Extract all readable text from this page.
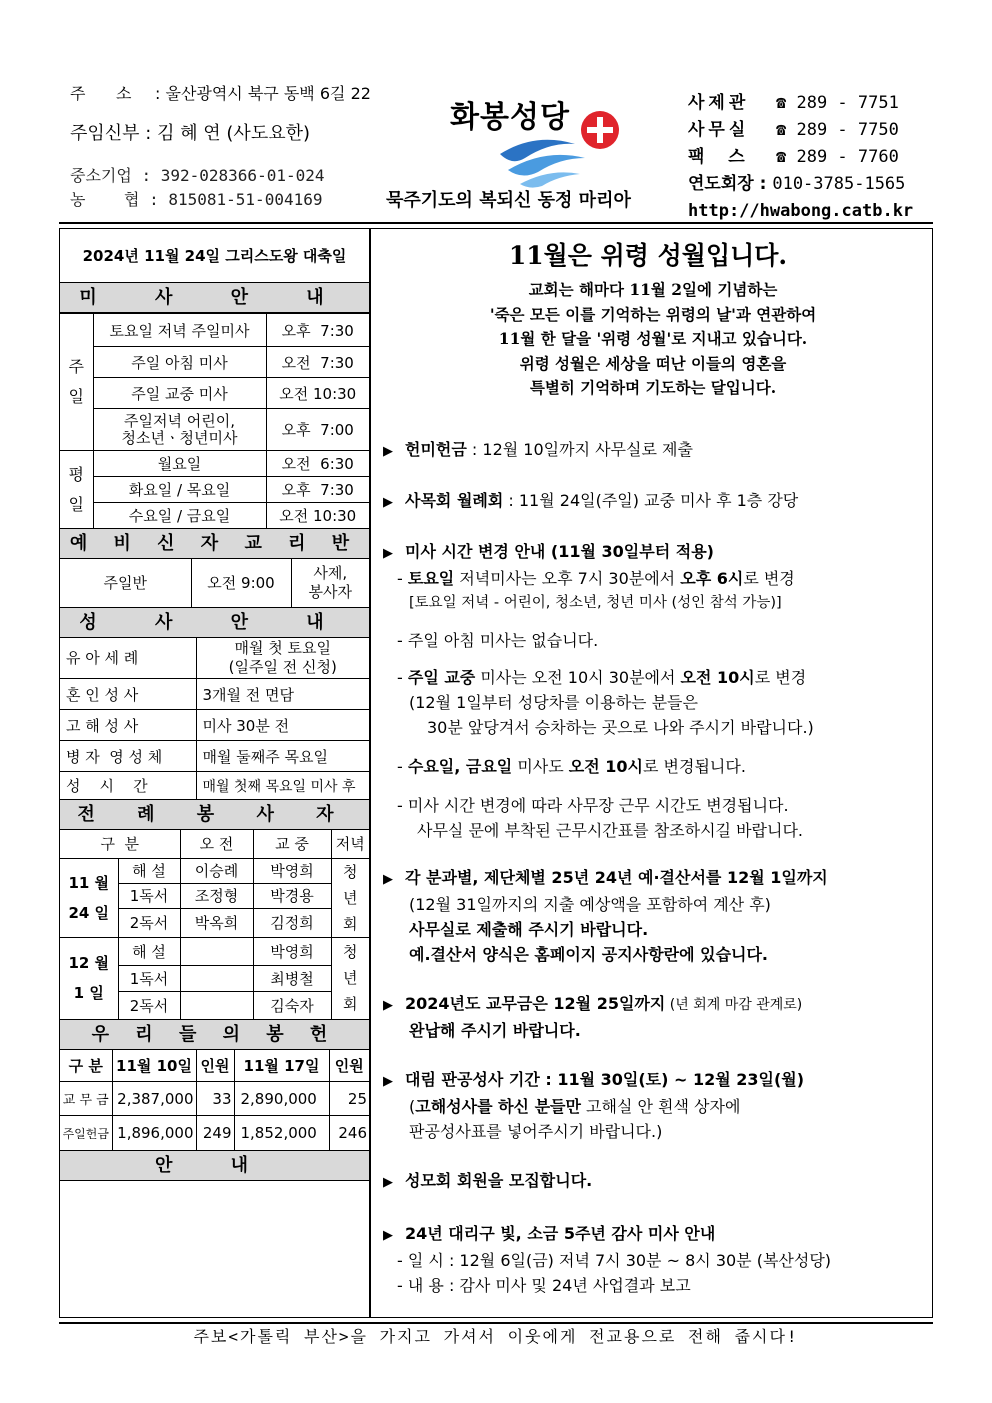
주      소 : 울산광역시 북구 동백 6길 22
주임신부 : 김 혜 연 (사도요한)
중소기업 : 392-028366-01-024
농    협 : 815081-51-004169
화봉성당
묵주기도의 복되신 동정 마리아
사제관 ☎ 289 - 7751
사무실 ☎ 289 - 7750
팩  스 ☎ 289 - 7760
연도회장 : 010-3785-1565
http://hwabong.catb.kr
2024년 11월 24일 그리스도왕 대축일
미 사 안 내
주
일	토요일 저녁 주일미사	오후  7:30
	주일 아침 미사	오전  7:30
	주일 교중 미사	오전 10:30
	주일저녁 어린이,
청소년ㆍ청년미사	오후  7:00
평
일	월요일	오전  6:30
	화요일 / 목요일	오후  7:30
	수요일 / 금요일	오전 10:30
예 비 신 자 교 리 반
주일반	오전 9:00	사제,
봉사자
성 사 안 내
유 아 세 례	매월 첫 토요일
(일주일 전 신청)
혼 인 성 사	3개월 전 면담
고 해 성 사	미사 30분 전
병 자  영 성 체	매월 둘째주 목요일
성    시    간	매월 첫째 목요일 미사 후
전 례 봉 사 자
구  분		오 전	교 중	저녁
11 월
24 일	해 설	이승례	박영희	청
년
회
	1독서	조정형	박경용	
	2독서	박옥희	김정희	
12 월
1 일	해 설		박영희	청
년
회
	1독서		최병철	
	2독서		김숙자	
우 리 들 의 봉 헌
구 분	11월 10일	인원	11월 17일	인원
교 무 금	2,387,000	33	2,890,000	25
주일헌금	1,896,000	249	1,852,000	246
안 내
11월은 위령 성월입니다.
교회는 해마다 11월 2일에 기념하는
'죽은 모든 이를 기억하는 위령의 날'과 연관하여
11월 한 달을 '위령 성월'로 지내고 있습니다.
위령 성월은 세상을 떠난 이들의 영혼을
특별히 기억하며 기도하는 달입니다.
▶ 헌미헌금 : 12월 10일까지 사무실로 제출
▶ 사목회 월례회 : 11월 24일(주일) 교중 미사 후 1층 강당
▶ 미사 시간 변경 안내 (11월 30일부터 적용)
- 토요일 저녁미사는 오후 7시 30분에서 오후 6시로 변경
[토요일 저녁 - 어린이, 청소년, 청년 미사 (성인 참석 가능)]
- 주일 아침 미사는 없습니다.
- 주일 교중 미사는 오전 10시 30분에서 오전 10시로 변경
(12월 1일부터 성당차를 이용하는 분들은
30분 앞당겨서 승차하는 곳으로 나와 주시기 바랍니다.)
- 수요일, 금요일 미사도 오전 10시로 변경됩니다.
- 미사 시간 변경에 따라 사무장 근무 시간도 변경됩니다.
사무실 문에 부착된 근무시간표를 참조하시길 바랍니다.
▶ 각 분과별, 제단체별 25년 24년 예·결산서를 12월 1일까지
(12월 31일까지의 지출 예상액을 포함하여 계산 후)
사무실로 제출해 주시기 바랍니다.
예.결산서 양식은 홈페이지 공지사항란에 있습니다.
▶ 2024년도 교무금은 12월 25일까지 (년 회계 마감 관계로)
완납해 주시기 바랍니다.
▶ 대림 판공성사 기간 : 11월 30일(토) ~ 12월 23일(월)
(고해성사를 하신 분들만 고해실 안 흰색 상자에
판공성사표를 넣어주시기 바랍니다.)
▶ 성모회 회원을 모집합니다.
▶ 24년 대리구 빛, 소금 5주년 감사 미사 안내
- 일 시 : 12월 6일(금) 저녁 7시 30분 ~ 8시 30분 (복산성당)
- 내 용 : 감사 미사 및 24년 사업결과 보고
주보<가톨릭 부산>을 가지고 가셔서 이웃에게 전교용으로 전해 줍시다!
